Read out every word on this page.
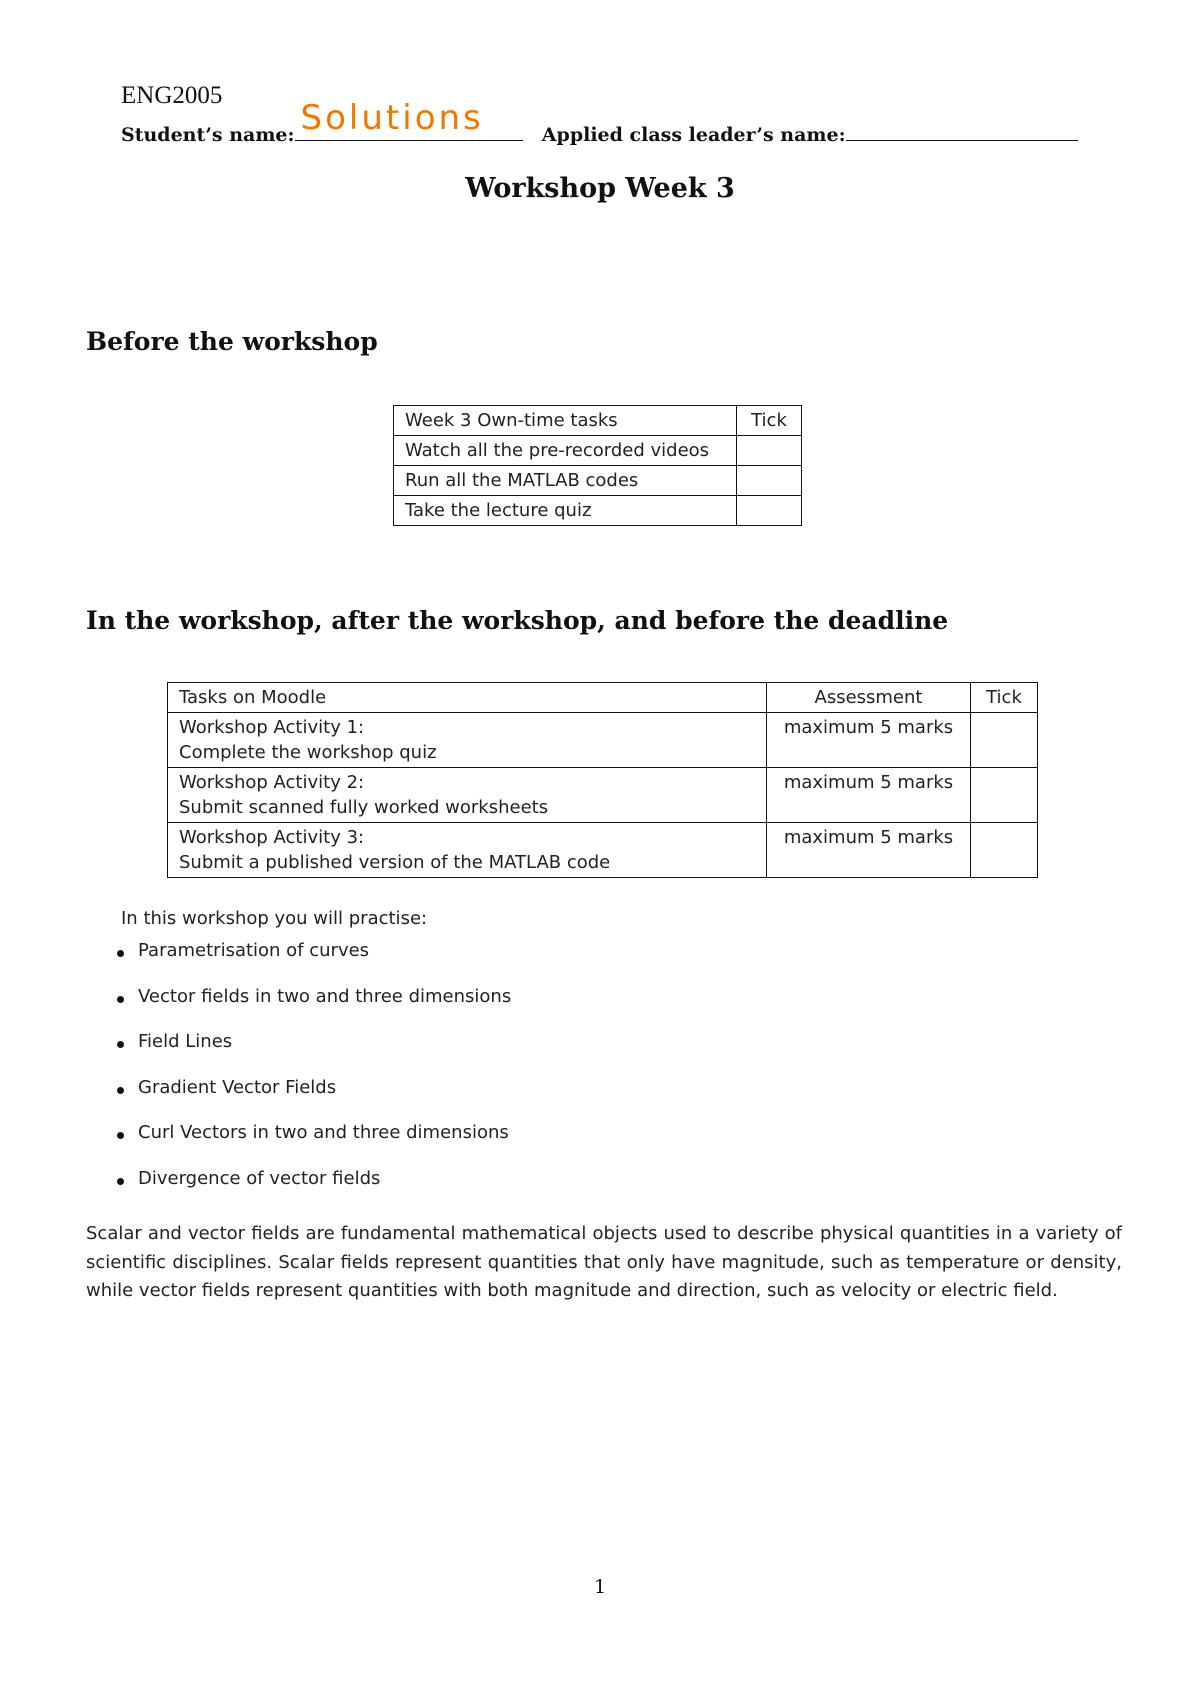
ENG2005
Student’s name: Solutions	Applied class leader’s name:
Workshop Week 3
Before the workshop
Week 3 Own-time tasks	Tick
Watch all the pre-recorded videos	
Run all the MATLAB codes	
Take the lecture quiz	
In the workshop, after the workshop, and before the deadline
Tasks on Moodle	Assessment	Tick

Workshop Activity 1:
Complete the workshop quiz	maximum 5 marks	

Workshop Activity 2:
Submit scanned fully worked worksheets	maximum 5 marks	

Workshop Activity 3:
Submit a published version of the MATLAB code	maximum 5 marks	
In this workshop you will practise:
Parametrisation of curves
Vector fields in two and three dimensions
Field Lines
Gradient Vector Fields
Curl Vectors in two and three dimensions
Divergence of vector fields
Scalar and vector fields are fundamental mathematical objects used to describe physical quantities in a variety of scientific disciplines. Scalar fields represent quantities that only have magnitude, such as temperature or density, while vector fields represent quantities with both magnitude and direction, such as velocity or electric field.
1
